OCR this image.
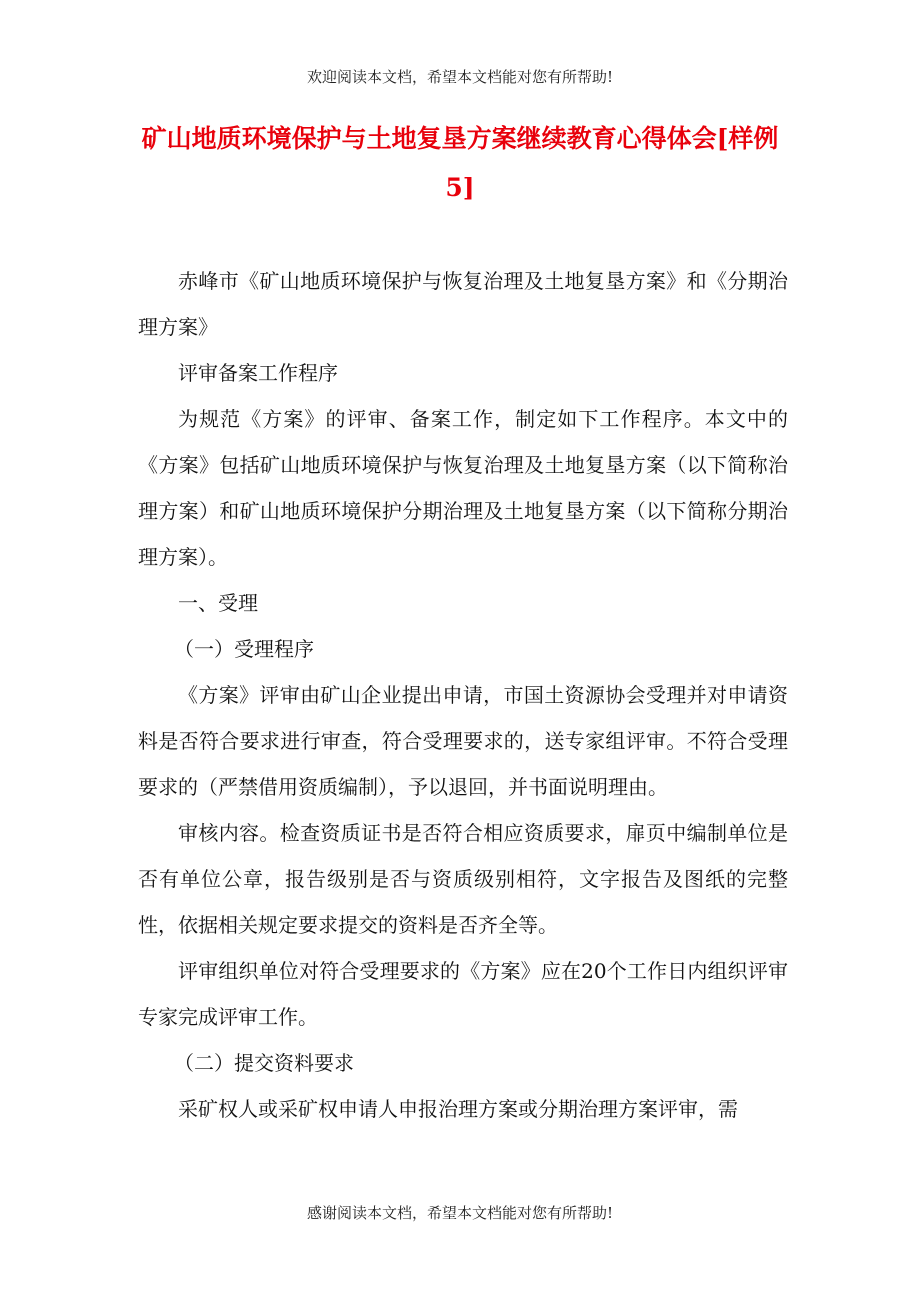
欢迎阅读本文档，希望本文档能对您有所帮助!
矿山地质环境保护与土地复垦方案继续教育心得体会[样例5]

赤峰市《矿山地质环境保护与恢复治理及土地复垦方案》和《分期治理方案》

评审备案工作程序

为规范《方案》的评审、备案工作，制定如下工作程序。本文中的《方案》包括矿山地质环境保护与恢复治理及土地复垦方案（以下简称治理方案）和矿山地质环境保护分期治理及土地复垦方案（以下简称分期治理方案）。

一、受理

（一）受理程序

《方案》评审由矿山企业提出申请，市国土资源协会受理并对申请资料是否符合要求进行审查，符合受理要求的，送专家组评审。不符合受理要求的（严禁借用资质编制），予以退回，并书面说明理由。

审核内容。检查资质证书是否符合相应资质要求，扉页中编制单位是否有单位公章，报告级别是否与资质级别相符，文字报告及图纸的完整性，依据相关规定要求提交的资料是否齐全等。

评审组织单位对符合受理要求的《方案》应在20个工作日内组织评审专家完成评审工作。

（二）提交资料要求

采矿权人或采矿权申请人申报治理方案或分期治理方案评审，需

感谢阅读本文档，希望本文档能对您有所帮助!
